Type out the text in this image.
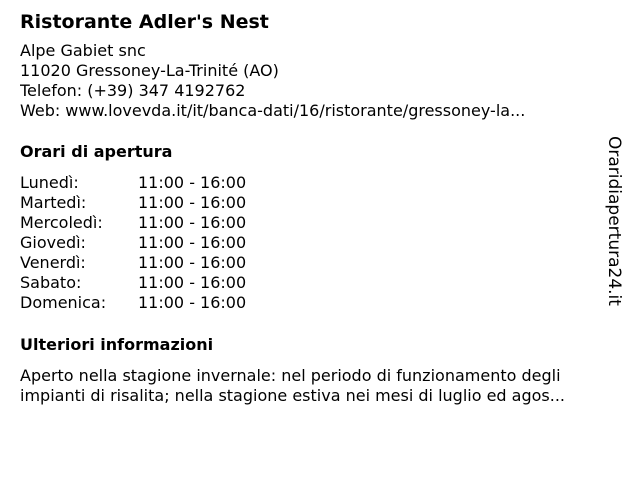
Ristorante Adler's Nest
Alpe Gabiet snc
11020 Gressoney-La-Trinité (AO)
Telefon: (+39) 347 4192762
Web: www.lovevda.it/it/banca-dati/16/ristorante/gressoney-la...
Orari di apertura
Lunedì:	11:00 - 16:00
Martedì:	11:00 - 16:00
Mercoledì:	11:00 - 16:00
Giovedì:	11:00 - 16:00
Venerdì:	11:00 - 16:00
Sabato:	11:00 - 16:00
Domenica:	11:00 - 16:00
Ulteriori informazioni
Aperto nella stagione invernale: nel periodo di funzionamento degli
impianti di risalita; nella stagione estiva nei mesi di luglio ed agos...
Oraridiapertura24.it
